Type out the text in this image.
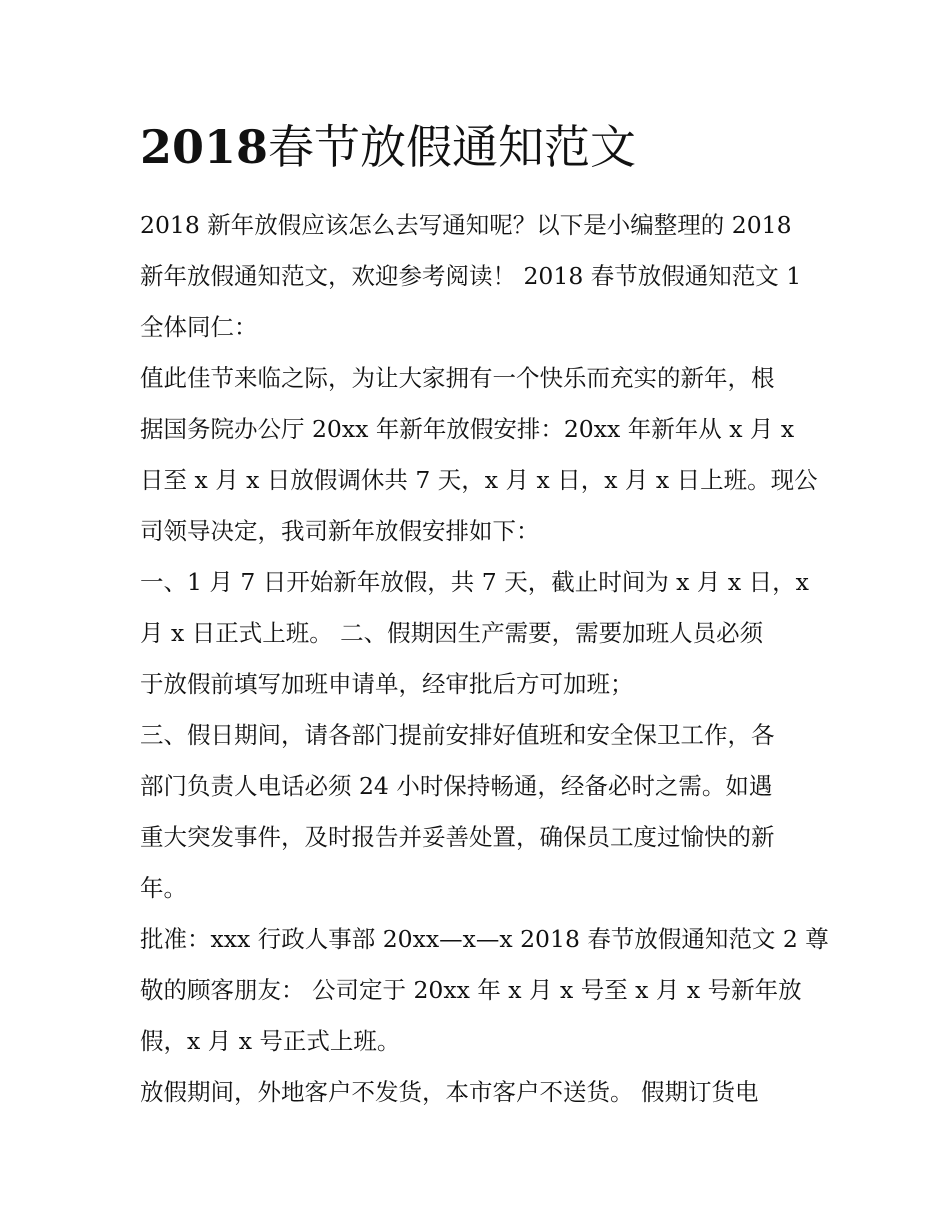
2018春节放假通知范文

2018 新年放假应该怎么去写通知呢？以下是小编整理的 2018

新年放假通知范文，欢迎参考阅读！ 2018 春节放假通知范文 1

全体同仁：

值此佳节来临之际，为让大家拥有一个快乐而充实的新年，根

据国务院办公厅 20xx 年新年放假安排：20xx 年新年从 x 月 x

日至 x 月 x 日放假调休共 7 天，x 月 x 日，x 月 x 日上班。现公

司领导决定，我司新年放假安排如下：

一、1 月 7 日开始新年放假，共 7 天，截止时间为 x 月 x 日，x

月 x 日正式上班。 二、假期因生产需要，需要加班人员必须

于放假前填写加班申请单，经审批后方可加班；

三、假日期间，请各部门提前安排好值班和安全保卫工作，各

部门负责人电话必须 24 小时保持畅通，经备必时之需。如遇

重大突发事件，及时报告并妥善处置，确保员工度过愉快的新

年。

批准：xxx 行政人事部 20xx—x—x 2018 春节放假通知范文 2 尊

敬的顾客朋友： 公司定于 20xx 年 x 月 x 号至 x 月 x 号新年放

假，x 月 x 号正式上班。

放假期间，外地客户不发货，本市客户不送货。 假期订货电
